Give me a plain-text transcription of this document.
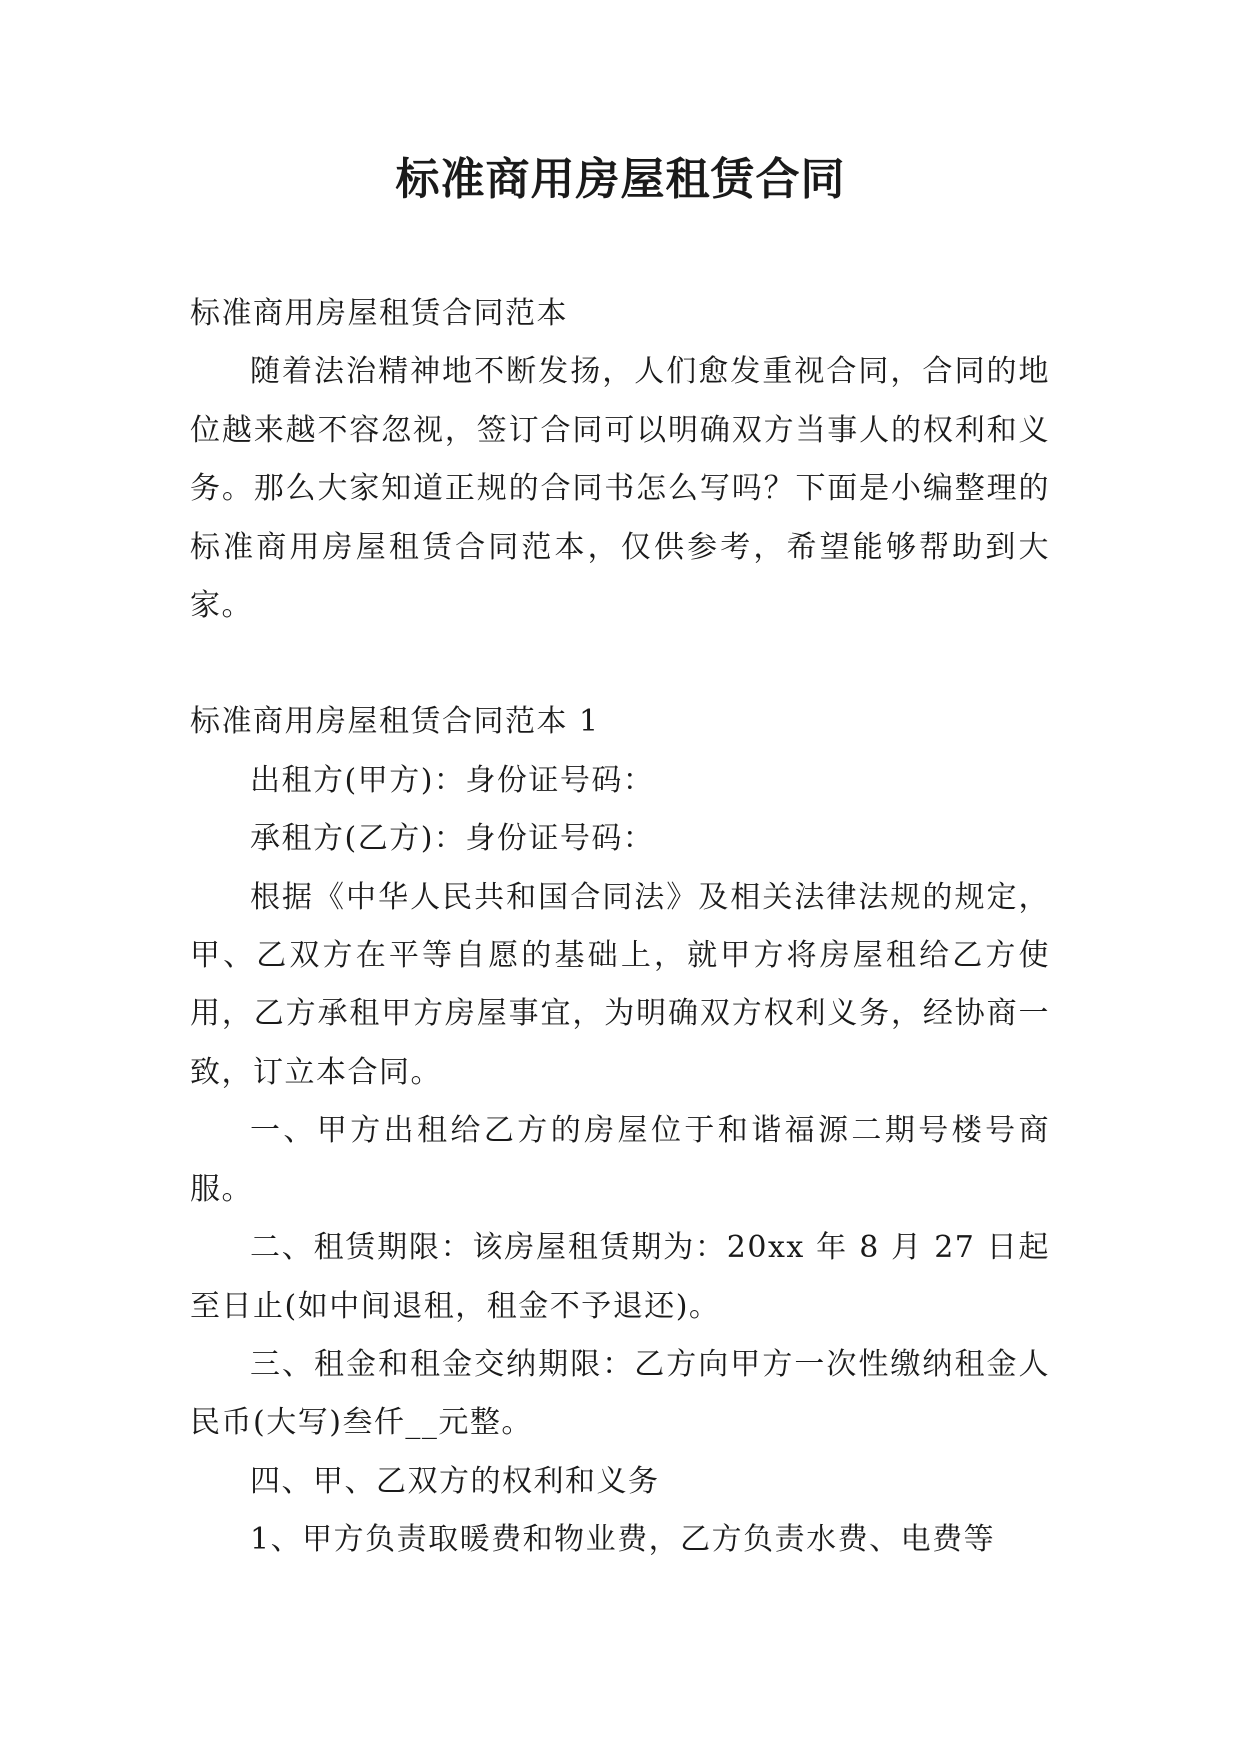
标准商用房屋租赁合同

标准商用房屋租赁合同范本

随着法治精神地不断发扬，人们愈发重视合同，合同的地位越来越不容忽视，签订合同可以明确双方当事人的权利和义务。那么大家知道正规的合同书怎么写吗？下面是小编整理的标准商用房屋租赁合同范本，仅供参考，希望能够帮助到大家。

标准商用房屋租赁合同范本 1

出租方(甲方)：身份证号码：

承租方(乙方)：身份证号码：

根据《中华人民共和国合同法》及相关法律法规的规定，甲、乙双方在平等自愿的基础上，就甲方将房屋租给乙方使用，乙方承租甲方房屋事宜，为明确双方权利义务，经协商一致，订立本合同。

一、甲方出租给乙方的房屋位于和谐福源二期号楼号商服。

二、租赁期限：该房屋租赁期为：20xx 年 8 月 27 日起至日止(如中间退租，租金不予退还)。

三、租金和租金交纳期限：乙方向甲方一次性缴纳租金人民币(大写)叁仟__元整。

四、甲、乙双方的权利和义务

1、甲方负责取暖费和物业费，乙方负责水费、电费等
